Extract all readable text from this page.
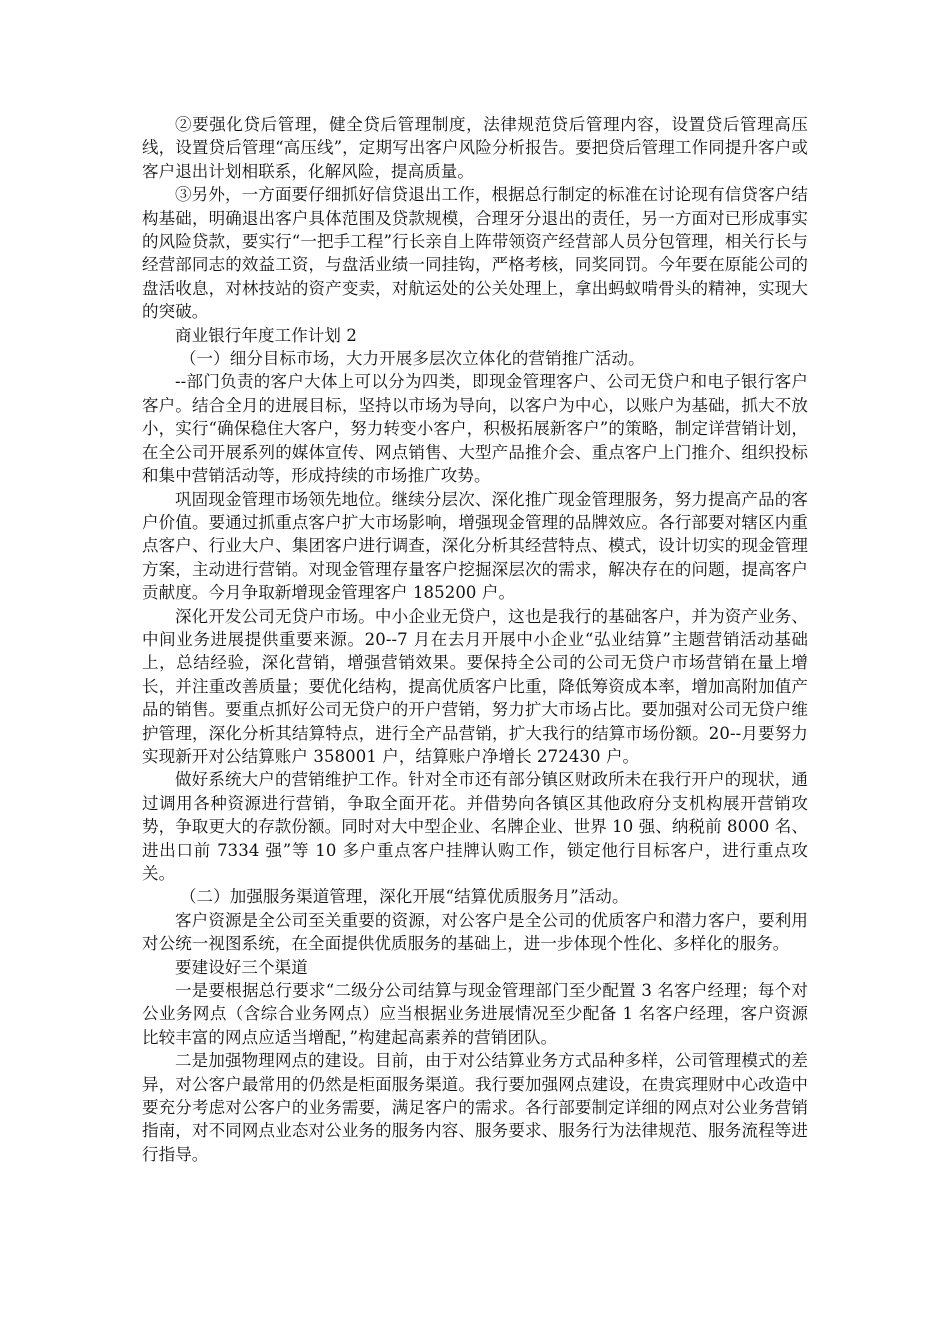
②要强化贷后管理，健全贷后管理制度，法律规范贷后管理内容，设置贷后管理高压线，设置贷后管理“高压线”，定期写出客户风险分析报告。要把贷后管理工作同提升客户或客户退出计划相联系，化解风险，提高质量。

③另外，一方面要仔细抓好信贷退出工作，根据总行制定的标准在讨论现有信贷客户结构基础，明确退出客户具体范围及贷款规模，合理牙分退出的责任，另一方面对已形成事实的风险贷款，要实行“一把手工程”行长亲自上阵带领资产经营部人员分包管理，相关行长与经营部同志的效益工资，与盘活业绩一同挂钩，严格考核，同奖同罚。今年要在原能公司的盘活收息，对林技站的资产变卖，对航运处的公关处理上，拿出蚂蚁啃骨头的精神，实现大的突破。

商业银行年度工作计划 2

（一）细分目标市场，大力开展多层次立体化的营销推广活动。

--部门负责的客户大体上可以分为四类，即现金管理客户、公司无贷户和电子银行客户客户。结合全月的进展目标，坚持以市场为导向，以客户为中心，以账户为基础，抓大不放小，实行“确保稳住大客户，努力转变小客户，积极拓展新客户”的策略，制定详营销计划，在全公司开展系列的媒体宣传、网点销售、大型产品推介会、重点客户上门推介、组织投标和集中营销活动等，形成持续的市场推广攻势。

巩固现金管理市场领先地位。继续分层次、深化推广现金管理服务，努力提高产品的客户价值。要通过抓重点客户扩大市场影响，增强现金管理的品牌效应。各行部要对辖区内重点客户、行业大户、集团客户进行调查，深化分析其经营特点、模式，设计切实的现金管理方案，主动进行营销。对现金管理存量客户挖掘深层次的需求，解决存在的问题，提高客户贡献度。今月争取新增现金管理客户 185200 户。

深化开发公司无贷户市场。中小企业无贷户，这也是我行的基础客户，并为资产业务、中间业务进展提供重要来源。20--7 月在去月开展中小企业“弘业结算”主题营销活动基础上，总结经验，深化营销，增强营销效果。要保持全公司的公司无贷户市场营销在量上增长，并注重改善质量；要优化结构，提高优质客户比重，降低筹资成本率，增加高附加值产品的销售。要重点抓好公司无贷户的开户营销，努力扩大市场占比。要加强对公司无贷户维护管理，深化分析其结算特点，进行全产品营销，扩大我行的结算市场份额。20--月要努力实现新开对公结算账户 358001 户，结算账户净增长 272430 户。

做好系统大户的营销维护工作。针对全市还有部分镇区财政所未在我行开户的现状，通过调用各种资源进行营销，争取全面开花。并借势向各镇区其他政府分支机构展开营销攻势，争取更大的存款份额。同时对大中型企业、名牌企业、世界 10 强、纳税前 8000 名、进出口前 7334 强”等 10 多户重点客户挂牌认购工作，锁定他行目标客户，进行重点攻关。

（二）加强服务渠道管理，深化开展“结算优质服务月”活动。

客户资源是全公司至关重要的资源，对公客户是全公司的优质客户和潜力客户，要利用对公统一视图系统，在全面提供优质服务的基础上，进一步体现个性化、多样化的服务。

要建设好三个渠道

一是要根据总行要求“二级分公司结算与现金管理部门至少配置 3 名客户经理；每个对公业务网点（含综合业务网点）应当根据业务进展情况至少配备 1 名客户经理，客户资源比较丰富的网点应适当增配，”构建起高素养的营销团队。

二是加强物理网点的建设。目前，由于对公结算业务方式品种多样，公司管理模式的差异，对公客户最常用的仍然是柜面服务渠道。我行要加强网点建设，在贵宾理财中心改造中要充分考虑对公客户的业务需要，满足客户的需求。各行部要制定详细的网点对公业务营销指南，对不同网点业态对公业务的服务内容、服务要求、服务行为法律规范、服务流程等进行指导。
